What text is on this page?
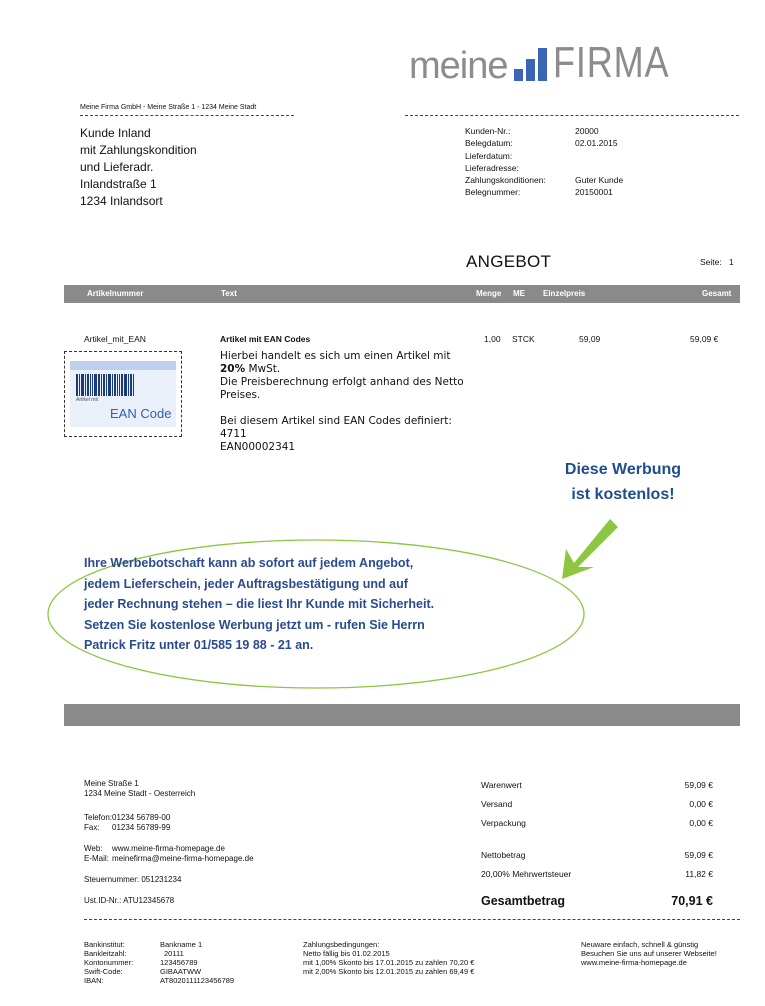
meine FIRMA
Meine Firma GmbH - Meine Straße 1 - 1234 Meine Stadt
Kunde Inland
mit Zahlungskondition
und Lieferadr.
Inlandstraße 1
1234 Inlandsort
Kunden-Nr.:	20000
Belegdatum:	02.01.2015
Lieferdatum:
Lieferadresse:
Zahlungskonditionen:	Guter Kunde
Belegnummer:	20150001
ANGEBOT	Seite: 1
Artikelnummer	Text	Menge ME Einzelpreis	Gesamt
Artikel_mit_EAN	Artikel mit EAN Codes	1,00 STCK	59,09	59,09 €
Artikel mit
EAN Code
Hierbei handelt es sich um einen Artikel mit
20% MwSt.
Die Preisberechnung erfolgt anhand des Netto
Preises.
Bei diesem Artikel sind EAN Codes definiert:
4711
EAN00002341
Diese Werbung
ist kostenlos!
Ihre Werbebotschaft kann ab sofort auf jedem Angebot,
jedem Lieferschein, jeder Auftragsbestätigung und auf
jeder Rechnung stehen – die liest Ihr Kunde mit Sicherheit.
Setzen Sie kostenlose Werbung jetzt um - rufen Sie Herrn
Patrick Fritz unter 01/585 19 88 - 21 an.
Meine Straße 1
1234 Meine Stadt - Oesterreich
Telefon: 01234 56789-00
Fax:	01234 56789-99
Web:	www.meine-firma-homepage.de
E-Mail: meinefirma@meine-firma-homepage.de
Steuernummer: 051231234
Ust.ID-Nr.: ATU12345678
Warenwert	59,09 €
Versand	0,00 €
Verpackung	0,00 €
Nettobetrag	59,09 €
20,00% Mehrwertsteuer	11,82 €
Gesamtbetrag	70,91 €
Bankinstitut:	Bankname 1
Bankleitzahl:	20111
Kontonummer:	123456789
Swift-Code:	GIBAATWW
IBAN:	AT8020111123456789
Zahlungsbedingungen:
Netto fällig bis 01.02.2015
mit 1,00% Skonto bis 17.01.2015 zu zahlen 70,20 €
mit 2,00% Skonto bis 12.01.2015 zu zahlen 69,49 €
Neuware einfach, schnell & günstig
Besuchen Sie uns auf unserer Webseite!
www.meine-firma-homepage.de
